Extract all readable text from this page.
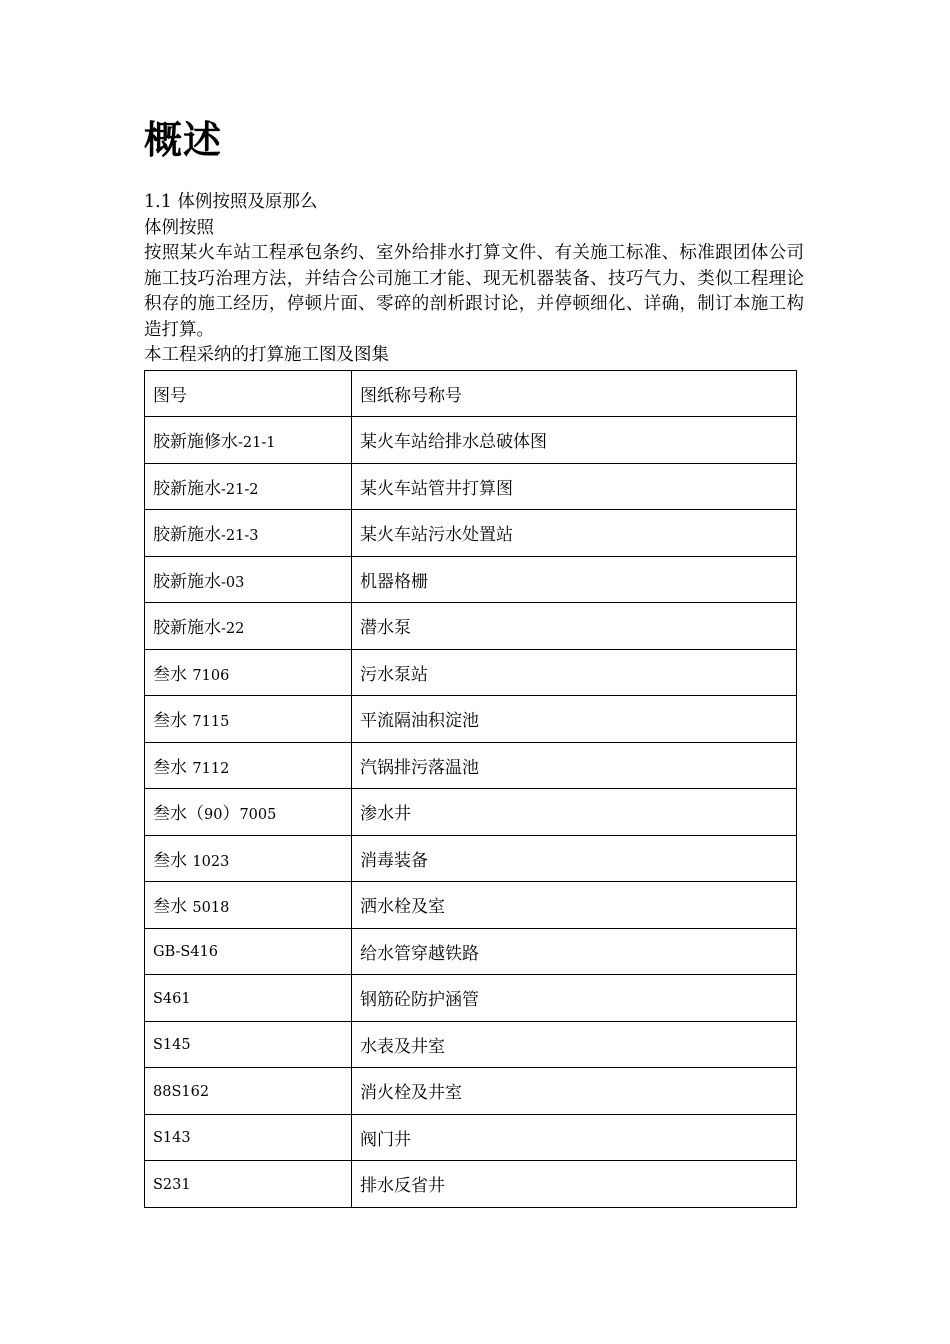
概述

1.1 体例按照及原那么

体例按照

按照某火车站工程承包条约、室外给排水打算文件、有关施工标准、标准跟团体公司施工技巧治理方法，并结合公司施工才能、现无机器装备、技巧气力、类似工程理论积存的施工经历，停顿片面、零碎的剖析跟讨论，并停顿细化、详确，制订本施工构造打算。

本工程采纳的打算施工图及图集

图号	图纸称号称号
胶新施修水-21-1	某火车站给排水总破体图
胶新施水-21-2	某火车站管井打算图
胶新施水-21-3	某火车站污水处置站
胶新施水-03	机器格栅
胶新施水-22	潜水泵
叁水 7106	污水泵站
叁水 7115	平流隔油积淀池
叁水 7112	汽锅排污落温池
叁水（90）7005	渗水井
叁水 1023	消毒装备
叁水 5018	洒水栓及室
GB-S416	给水管穿越铁路
S461	钢筋砼防护涵管
S145	水表及井室
88S162	消火栓及井室
S143	阀门井
S231	排水反省井
